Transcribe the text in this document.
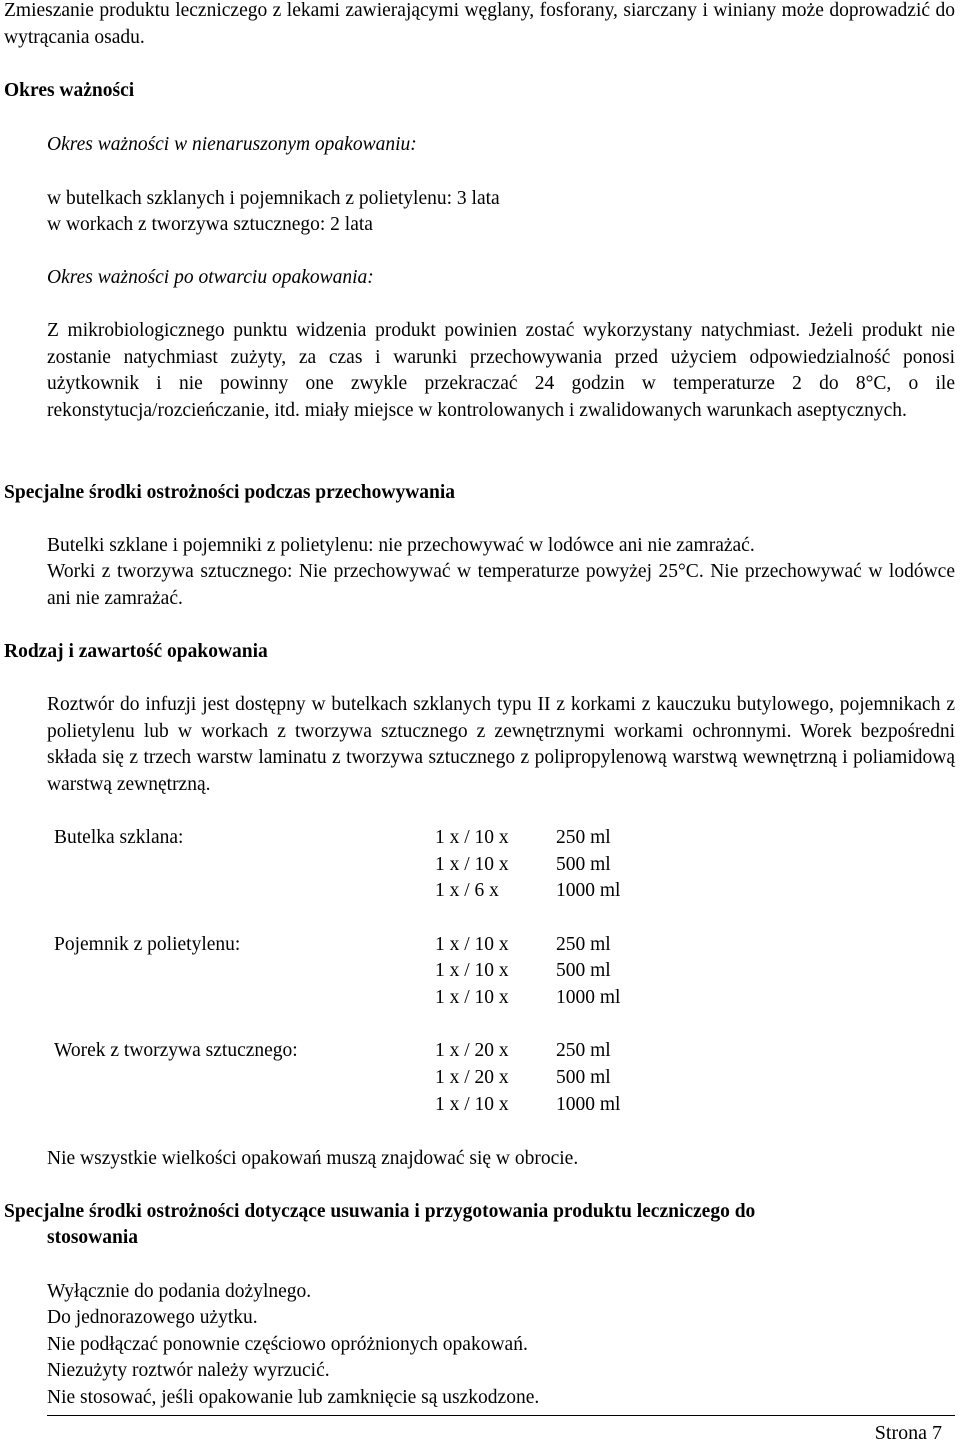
Zmieszanie produktu leczniczego z lekami zawierającymi węglany, fosforany, siarczany i winiany może doprowadzić do wytrącania osadu.
Okres ważności
Okres ważności w nienaruszonym opakowaniu:
w butelkach szklanych i pojemnikach z polietylenu: 3 lata
w workach z tworzywa sztucznego: 2 lata
Okres ważności po otwarciu opakowania:
Z mikrobiologicznego punktu widzenia produkt powinien zostać wykorzystany natychmiast. Jeżeli produkt nie zostanie natychmiast zużyty, za czas i warunki przechowywania przed użyciem odpowiedzialność ponosi użytkownik i nie powinny one zwykle przekraczać 24 godzin w temperaturze 2 do 8°C, o ile rekonstytucja/rozcieńczanie, itd. miały miejsce w kontrolowanych i zwalidowanych warunkach aseptycznych.
Specjalne środki ostrożności podczas przechowywania
Butelki szklane i pojemniki z polietylenu: nie przechowywać w lodówce ani nie zamrażać.
Worki z tworzywa sztucznego: Nie przechowywać w temperaturze powyżej 25°C. Nie przechowywać w lodówce ani nie zamrażać.
Rodzaj i zawartość opakowania
Roztwór do infuzji jest dostępny w butelkach szklanych typu II z korkami z kauczuku butylowego, pojemnikach z polietylenu lub w workach z tworzywa sztucznego z zewnętrznymi workami ochronnymi. Worek bezpośredni składa się z trzech warstw laminatu z tworzywa sztucznego z polipropylenową warstwą wewnętrzną i poliamidową warstwą zewnętrzną.
Butelka szklana:	1 x / 10 x 250 ml
1 x / 10 x 500 ml
1 x / 6 x	1000 ml
Pojemnik z polietylenu:	1 x / 10 x 250 ml
1 x / 10 x 500 ml
1 x / 10 x 1000 ml
Worek z tworzywa sztucznego:	1 x / 20 x 250 ml
1 x / 20 x 500 ml
1 x / 10 x 1000 ml
Nie wszystkie wielkości opakowań muszą znajdować się w obrocie.
Specjalne środki ostrożności dotyczące usuwania i przygotowania produktu leczniczego do
stosowania
Wyłącznie do podania dożylnego.
Do jednorazowego użytku.
Nie podłączać ponownie częściowo opróżnionych opakowań.
Niezużyty roztwór należy wyrzucić.
Nie stosować, jeśli opakowanie lub zamknięcie są uszkodzone.
Strona 7
